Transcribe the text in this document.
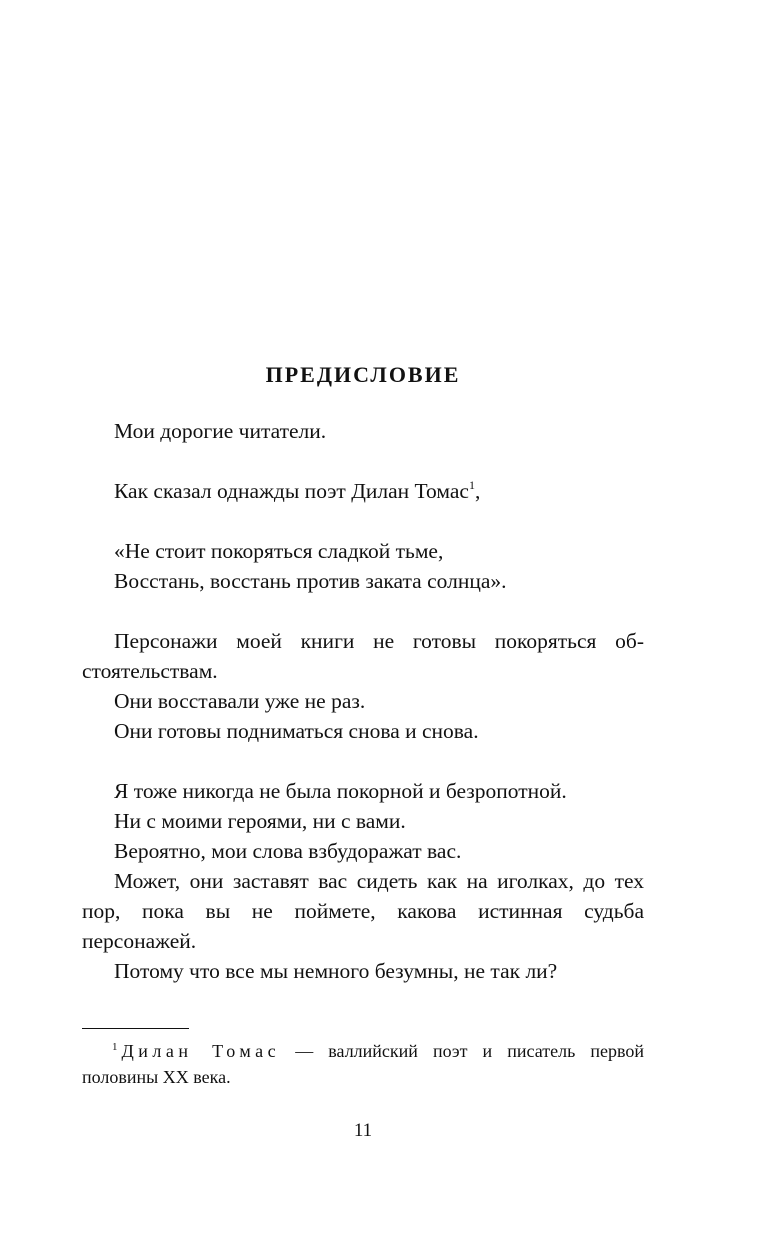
ПРЕДИСЛОВИЕ

Мои дорогие читатели.

Как сказал однажды поэт Дилан Томас$^1$,

«Не стоит покоряться сладкой тьме,

Восстань, восстань против заката солнца».

Персонажи моей книги не готовы покоряться обстоятельствам.

Они восставали уже не раз.

Они готовы подниматься снова и снова.

Я тоже никогда не была покорной и безропотной.

Ни с моими героями, ни с вами.

Вероятно, мои слова взбудоражат вас.

Может, они заставят вас сидеть как на иголках, до тех пор, пока вы не поймете, какова истинная судьба персонажей.

Потому что все мы немного безумны, не так ли?

$^1$ Дилан Томас — валлийский поэт и писатель первой половины XX века.

11
